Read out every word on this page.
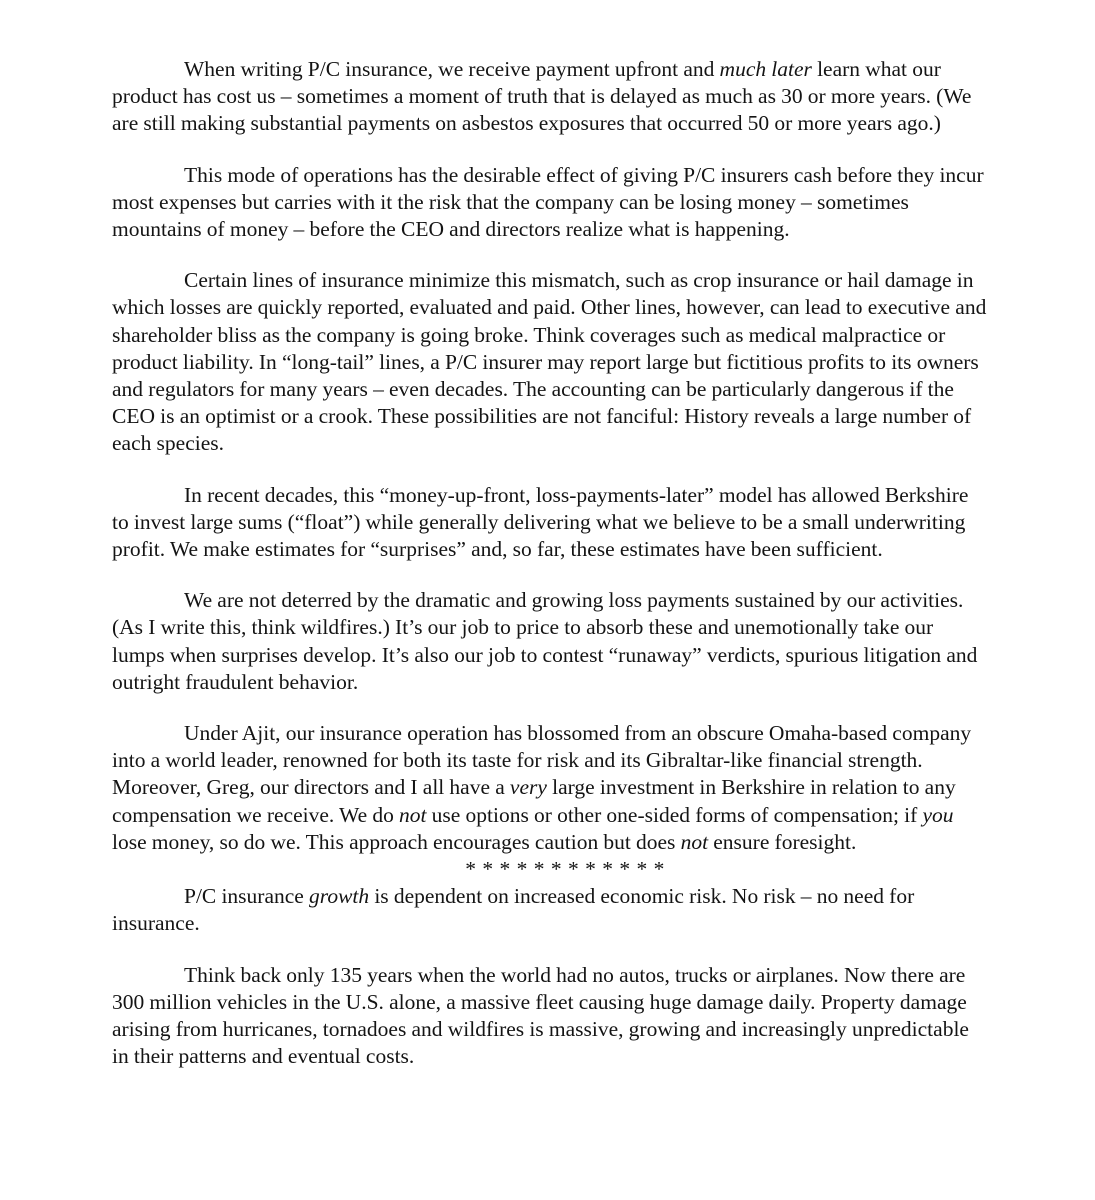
When writing P/C insurance, we receive payment upfront and much later learn what our product has cost us – sometimes a moment of truth that is delayed as much as 30 or more years. (We are still making substantial payments on asbestos exposures that occurred 50 or more years ago.)

This mode of operations has the desirable effect of giving P/C insurers cash before they incur most expenses but carries with it the risk that the company can be losing money – sometimes mountains of money – before the CEO and directors realize what is happening.

Certain lines of insurance minimize this mismatch, such as crop insurance or hail damage in which losses are quickly reported, evaluated and paid. Other lines, however, can lead to executive and shareholder bliss as the company is going broke. Think coverages such as medical malpractice or product liability. In “long-tail” lines, a P/C insurer may report large but fictitious profits to its owners and regulators for many years – even decades. The accounting can be particularly dangerous if the CEO is an optimist or a crook. These possibilities are not fanciful: History reveals a large number of each species.

In recent decades, this “money-up-front, loss-payments-later” model has allowed Berkshire to invest large sums (“float”) while generally delivering what we believe to be a small underwriting profit. We make estimates for “surprises” and, so far, these estimates have been sufficient.

We are not deterred by the dramatic and growing loss payments sustained by our activities. (As I write this, think wildfires.) It’s our job to price to absorb these and unemotionally take our lumps when surprises develop. It’s also our job to contest “runaway” verdicts, spurious litigation and outright fraudulent behavior.

Under Ajit, our insurance operation has blossomed from an obscure Omaha-based company into a world leader, renowned for both its taste for risk and its Gibraltar-like financial strength. Moreover, Greg, our directors and I all have a very large investment in Berkshire in relation to any compensation we receive. We do not use options or other one-sided forms of compensation; if you lose money, so do we. This approach encourages caution but does not ensure foresight.

* * * * * * * * * * * *

P/C insurance growth is dependent on increased economic risk. No risk – no need for insurance.

Think back only 135 years when the world had no autos, trucks or airplanes. Now there are 300 million vehicles in the U.S. alone, a massive fleet causing huge damage daily. Property damage arising from hurricanes, tornadoes and wildfires is massive, growing and increasingly unpredictable in their patterns and eventual costs.
